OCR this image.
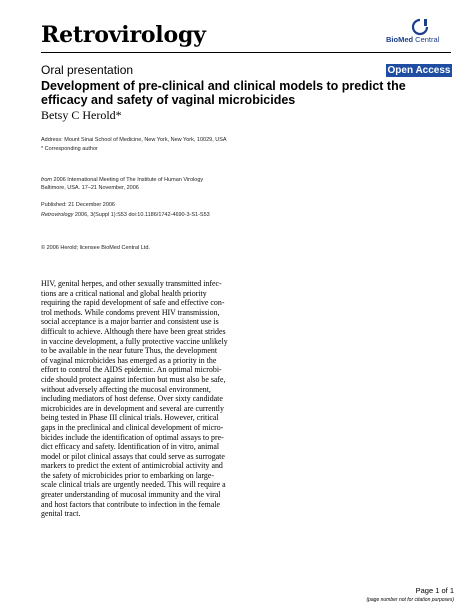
Retrovirology	BioMed Central
Oral presentation	Open Access
Development of pre-clinical and clinical models to predict the efficacy and safety of vaginal microbicides
Betsy C Herold*
Address: Mount Sinai School of Medicine, New York, New York, 10029, USA
* Corresponding author
from 2006 International Meeting of The Institute of Human Virology
Baltimore, USA. 17–21 November, 2006
Published: 21 December 2006
Retrovirology 2006, 3(Suppl 1):S53 doi:10.1186/1742-4690-3-S1-S53
© 2006 Herold; licensee BioMed Central Ltd.
HIV, genital herpes, and other sexually transmitted infec-
tions are a critical national and global health priority
requiring the rapid development of safe and effective con-
trol methods. While condoms prevent HIV transmission,
social acceptance is a major barrier and consistent use is
difficult to achieve. Although there have been great strides
in vaccine development, a fully protective vaccine unlikely
to be available in the near future Thus, the development
of vaginal microbicides has emerged as a priority in the
effort to control the AIDS epidemic. An optimal microbi-
cide should protect against infection but must also be safe,
without adversely affecting the mucosal environment,
including mediators of host defense. Over sixty candidate
microbicides are in development and several are currently
being tested in Phase III clinical trials. However, critical
gaps in the preclinical and clinical development of micro-
bicides include the identification of optimal assays to pre-
dict efficacy and safety. Identification of in vitro, animal
model or pilot clinical assays that could serve as surrogate
markers to predict the extent of antimicrobial activity and
the safety of microbicides prior to embarking on large-
scale clinical trials are urgently needed. This will require a
greater understanding of mucosal immunity and the viral
and host factors that contribute to infection in the female
genital tract.
Page 1 of 1
(page number not for citation purposes)
